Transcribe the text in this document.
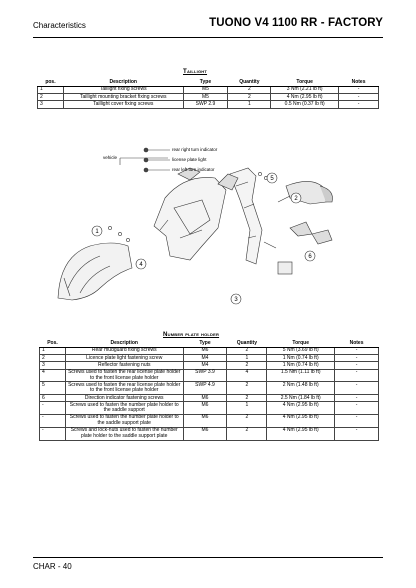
Characteristics	TUONO V4 1100 RR - FACTORY
Taillight
pos.	Description	Type	Quantity	Torque	Notes
1	Taillight fixing screws	M5	2	3 Nm (2.21 lb ft)	-
2	Taillight mounting bracket fixing screws	M5	2	4 Nm (2.95 lb ft)	-
3	Taillight cover fixing screws	SWP 2.9	1	0.5 Nm (0.37 lb ft)	-
vehicle
rear right turn indicator
license plate light
rear left turn indicator
1
4
3
5
6
2
Number plate holder
Pos.	Description	Type	Quantity	Torque	Notes
1	Rear mudguard fixing screws	M6	2	5 Nm (3.69 lb ft)	-
2	Licence plate light fastening screw	M4	1	1 Nm (0.74 lb ft)	-
3	Reflector fastening nuts	M4	2	1 Nm (0.74 lb ft)	-
4	Screws used to fasten the rear license plate holder to the front license plate holder	SWP 3.9	4	1.5 Nm (1.11 lb ft)	-
5	Screws used to fasten the rear license plate holder to the front license plate holder	SWP 4.9	2	2 Nm (1.48 lb ft)	-
6	Direction indicator fastening screws	M6	2	2.5 Nm (1.84 lb ft)	-
-	Screws used to fasten the number plate holder to the saddle support	M6	1	4 Nm (2.95 lb ft)	-
-	Screws used to fasten the number plate holder to the saddle support plate	M6	2	4 Nm (2.95 lb ft)	-
-	Screws and lock-nuts used to fasten the number plate holder to the saddle support plate	M6	2	4 Nm (2.95 lb ft)	-
CHAR - 40
